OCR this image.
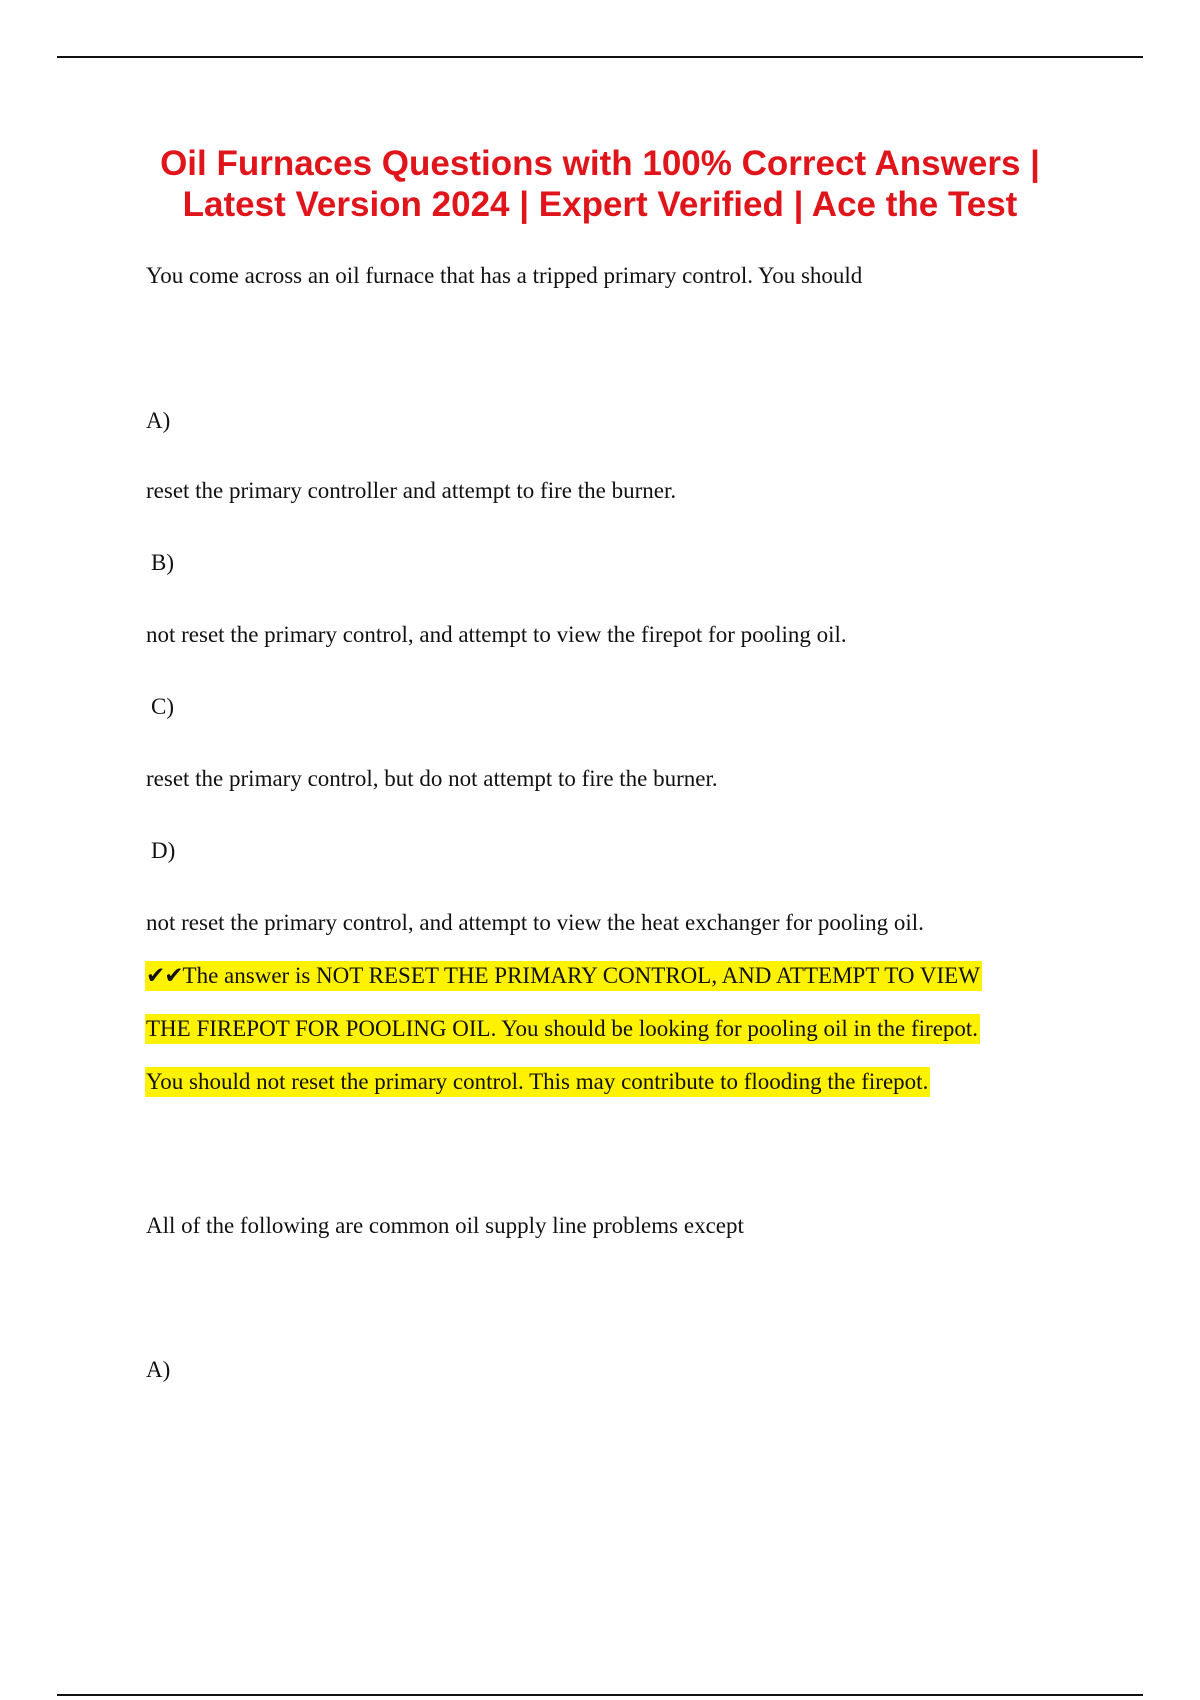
Oil Furnaces Questions with 100% Correct Answers |
Latest Version 2024 | Expert Verified | Ace the Test
You come across an oil furnace that has a tripped primary control. You should
A)
reset the primary controller and attempt to fire the burner.
B)
not reset the primary control, and attempt to view the firepot for pooling oil.
C)
reset the primary control, but do not attempt to fire the burner.
D)
not reset the primary control, and attempt to view the heat exchanger for pooling oil.
✔✔The answer is NOT RESET THE PRIMARY CONTROL, AND ATTEMPT TO VIEW
THE FIREPOT FOR POOLING OIL. You should be looking for pooling oil in the firepot.
You should not reset the primary control. This may contribute to flooding the firepot.
All of the following are common oil supply line problems except
A)
